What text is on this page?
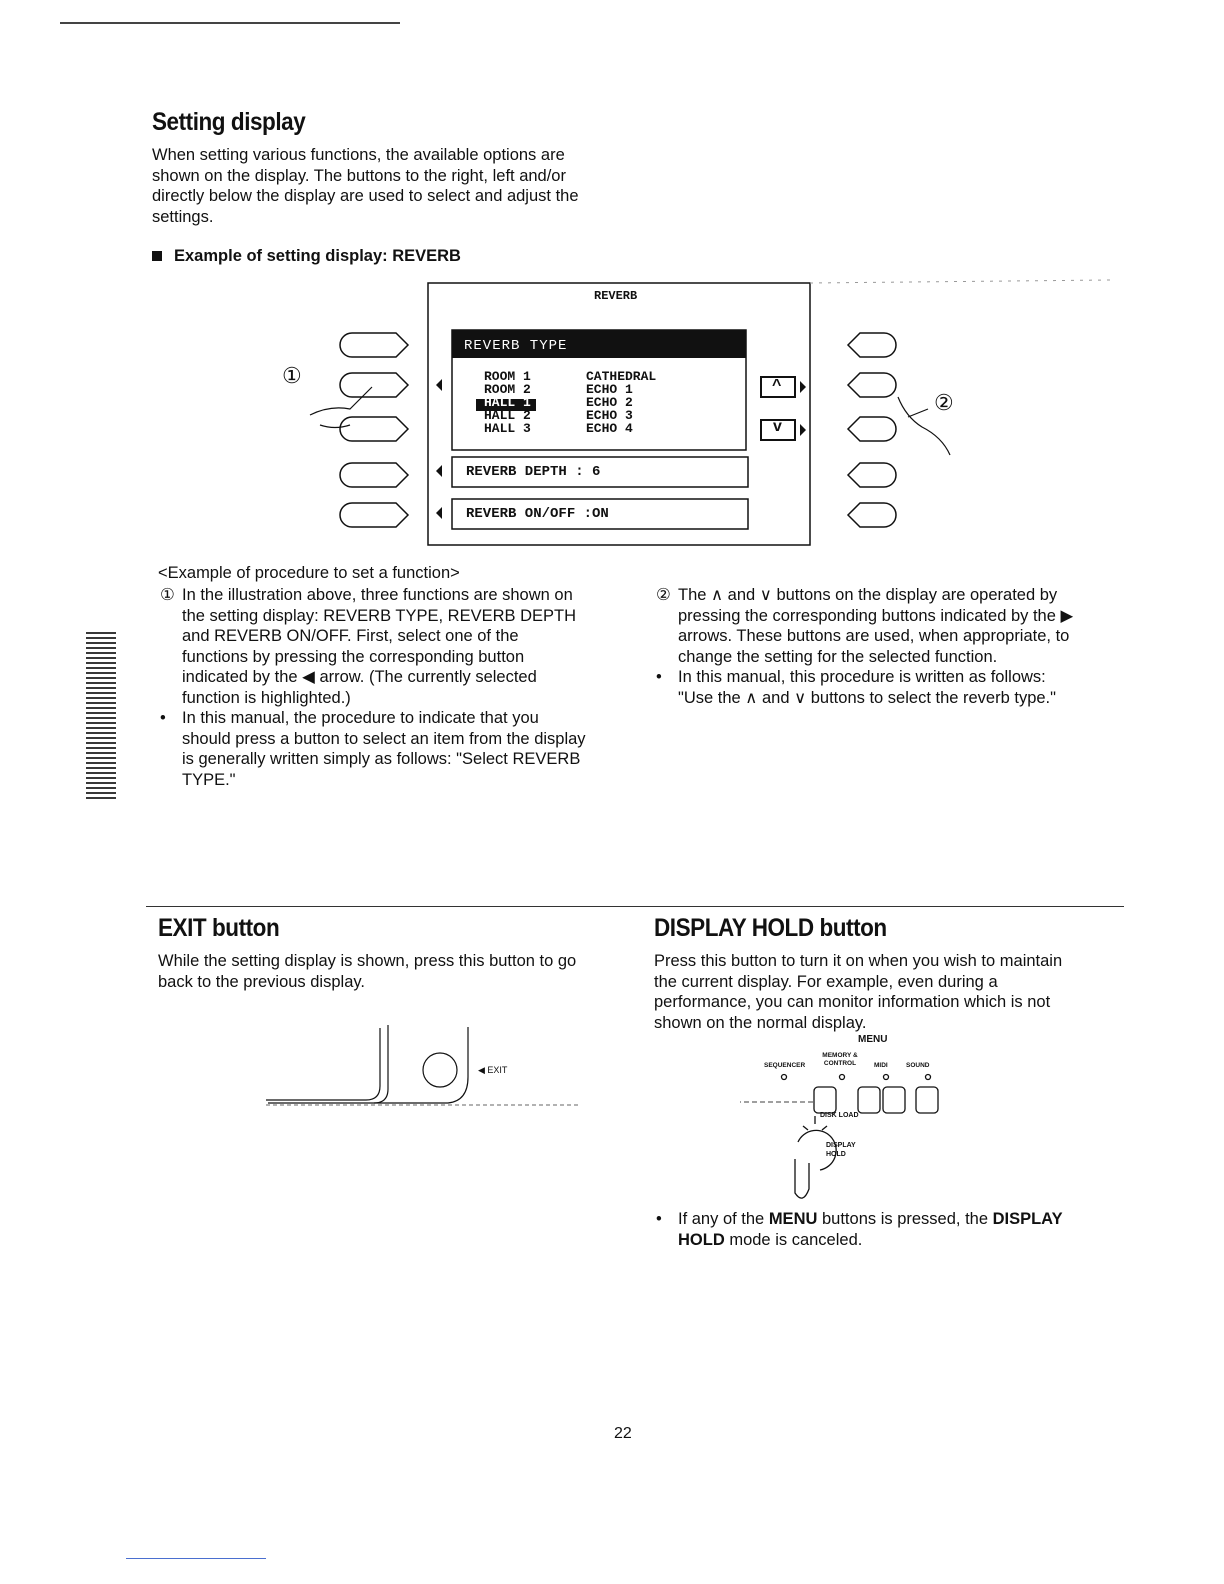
Setting display
When setting various functions, the available options are shown on the display. The buttons to the right, left and/or directly below the display are used to select and adjust the settings.
Example of setting display: REVERB
REVERB
REVERB TYPE
ROOM 1
ROOM 2
HALL 1
HALL 2
HALL 3
CATHEDRAL
ECHO 1
ECHO 2
ECHO 3
ECHO 4
REVERB DEPTH : 6
REVERB ON/OFF :ON
^
v
①
②
<Example of procedure to set a function>
① In the illustration above, three functions are shown on the setting display: REVERB TYPE, REVERB DEPTH and REVERB ON/OFF. First, select one of the functions by pressing the corresponding button indicated by the ◀ arrow. (The currently selected function is highlighted.)
• In this manual, the procedure to indicate that you should press a button to select an item from the display is generally written simply as follows: "Select REVERB TYPE."
② The ∧ and ∨ buttons on the display are operated by pressing the corresponding buttons indicated by the ▶ arrows. These buttons are used, when appropriate, to change the setting for the selected function.
• In this manual, this procedure is written as follows: "Use the ∧ and ∨ buttons to select the reverb type."
EXIT button
While the setting display is shown, press this button to go back to the previous display.
◀ EXIT
DISPLAY HOLD button
Press this button to turn it on when you wish to maintain the current display. For example, even during a performance, you can monitor information which is not shown on the normal display.
MENU
SEQUENCER
MEMORY & CONTROL	MIDI	SOUND
DISK LOAD
DISPLAY
HOLD
• If any of the MENU buttons is pressed, the DISPLAY HOLD mode is canceled.
22
